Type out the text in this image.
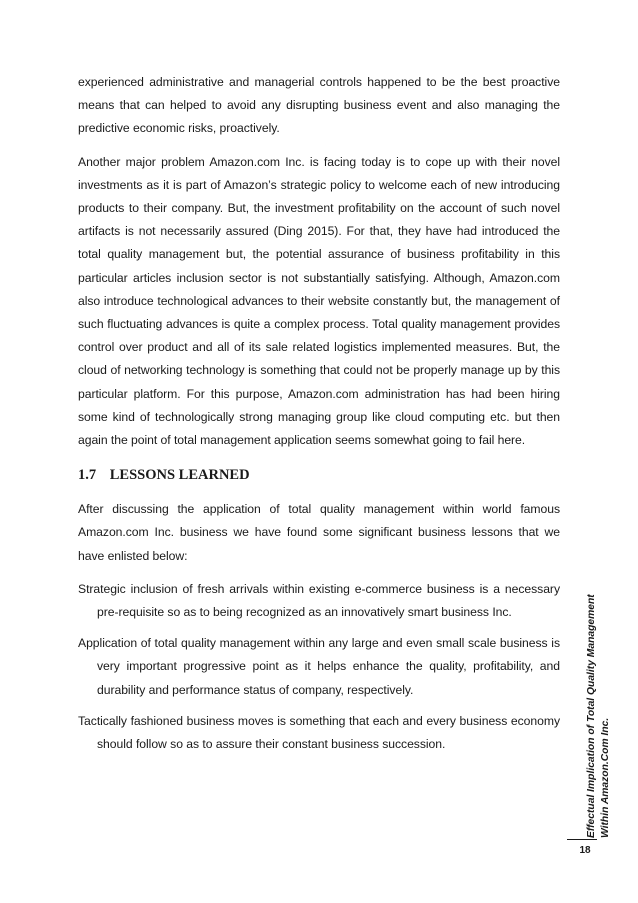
experienced administrative and managerial controls happened to be the best proactive means that can helped to avoid any disrupting business event and also managing the predictive economic risks, proactively.

Another major problem Amazon.com Inc. is facing today is to cope up with their novel investments as it is part of Amazon’s strategic policy to welcome each of new introducing products to their company. But, the investment profitability on the account of such novel artifacts is not necessarily assured (Ding 2015). For that, they have had introduced the total quality management but, the potential assurance of business profitability in this particular articles inclusion sector is not substantially satisfying. Although, Amazon.com also introduce technological advances to their website constantly but, the management of such fluctuating advances is quite a complex process. Total quality management provides control over product and all of its sale related logistics implemented measures. But, the cloud of networking technology is something that could not be properly manage up by this particular platform. For this purpose, Amazon.com administration has had been hiring some kind of technologically strong managing group like cloud computing etc. but then again the point of total management application seems somewhat going to fail here.

1.7 LESSONS LEARNED

After discussing the application of total quality management within world famous Amazon.com Inc. business we have found some significant business lessons that we have enlisted below:

Strategic inclusion of fresh arrivals within existing e-commerce business is a necessary pre-requisite so as to being recognized as an innovatively smart business Inc.

Application of total quality management within any large and even small scale business is very important progressive point as it helps enhance the quality, profitability, and durability and performance status of company, respectively.

Tactically fashioned business moves is something that each and every business economy should follow so as to assure their constant business succession.	Effectual Implication of Total Quality Management Within Amazon.Com Inc.
18
